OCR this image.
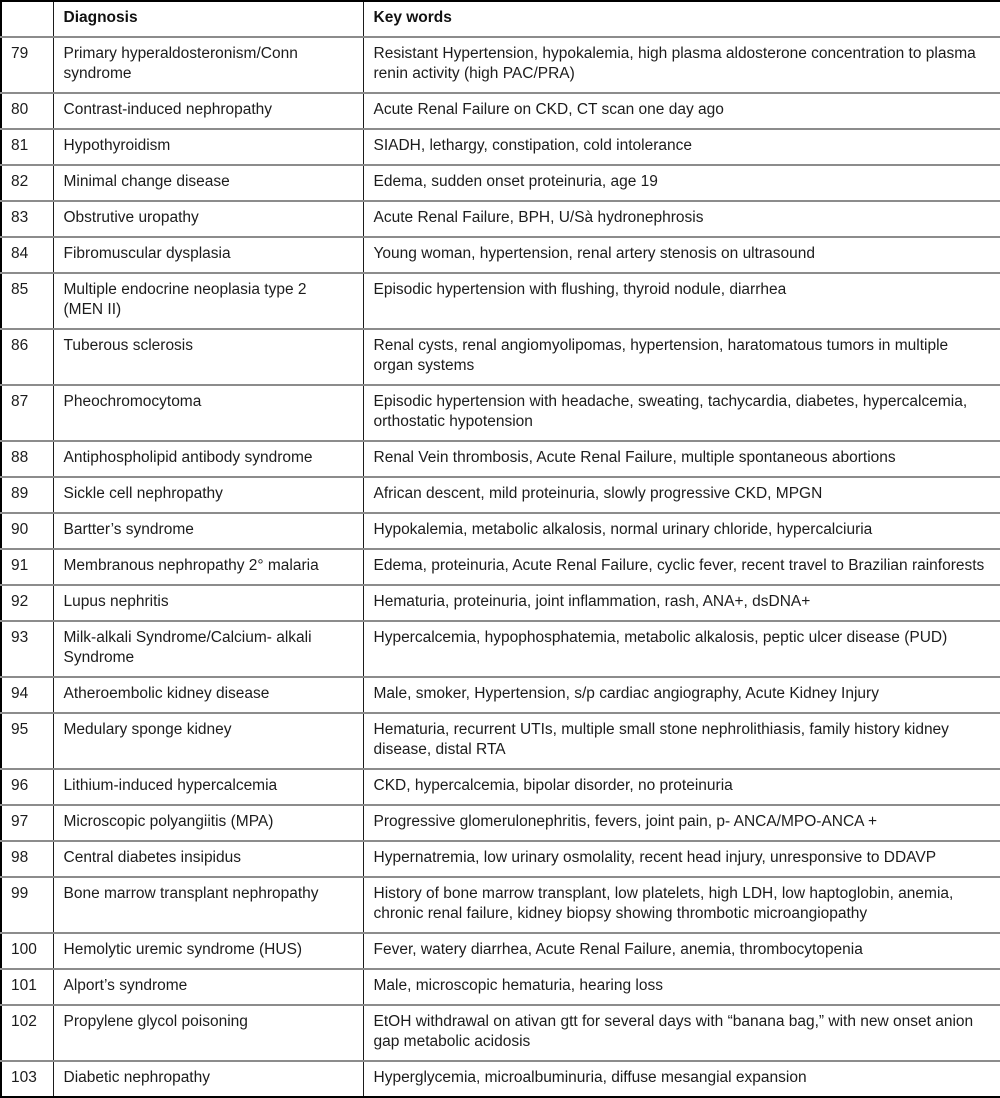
	Diagnosis	Key words
79	Primary hyperaldosteronism/Conn syndrome	Resistant Hypertension, hypokalemia, high plasma aldosterone concentration to plasma renin activity (high PAC/PRA)
80	Contrast-induced nephropathy	Acute Renal Failure on CKD, CT scan one day ago
81	Hypothyroidism	SIADH, lethargy, constipation, cold intolerance
82	Minimal change disease	Edema, sudden onset proteinuria, age 19
83	Obstrutive uropathy	Acute Renal Failure, BPH, U/Sà hydronephrosis
84	Fibromuscular dysplasia	Young woman, hypertension, renal artery stenosis on ultrasound
85	Multiple endocrine neoplasia type 2 (MEN II)	Episodic hypertension with flushing, thyroid nodule, diarrhea
86	Tuberous sclerosis	Renal cysts, renal angiomyolipomas, hypertension, haratomatous tumors in multiple organ systems
87	Pheochromocytoma	Episodic hypertension with headache, sweating, tachycardia, diabetes, hypercalcemia, orthostatic hypotension
88	Antiphospholipid antibody syndrome	Renal Vein thrombosis, Acute Renal Failure, multiple spontaneous abortions
89	Sickle cell nephropathy	African descent, mild proteinuria, slowly progressive CKD, MPGN
90	Bartter’s syndrome	Hypokalemia, metabolic alkalosis, normal urinary chloride, hypercalciuria
91	Membranous nephropathy 2° malaria	Edema, proteinuria, Acute Renal Failure, cyclic fever, recent travel to Brazilian rainforests
92	Lupus nephritis	Hematuria, proteinuria, joint inflammation, rash, ANA+, dsDNA+
93	Milk-alkali Syndrome/Calcium- alkali Syndrome	Hypercalcemia, hypophosphatemia, metabolic alkalosis, peptic ulcer disease (PUD)
94	Atheroembolic kidney disease	Male, smoker, Hypertension, s/p cardiac angiography, Acute Kidney Injury
95	Medulary sponge kidney	Hematuria, recurrent UTIs, multiple small stone nephrolithiasis, family history kidney disease, distal RTA
96	Lithium-induced hypercalcemia	CKD, hypercalcemia, bipolar disorder, no proteinuria
97	Microscopic polyangiitis (MPA)	Progressive glomerulonephritis, fevers, joint pain, p- ANCA/MPO-ANCA +
98	Central diabetes insipidus	Hypernatremia, low urinary osmolality, recent head injury, unresponsive to DDAVP
99	Bone marrow transplant nephropathy	History of bone marrow transplant, low platelets, high LDH, low haptoglobin, anemia, chronic renal failure, kidney biopsy showing thrombotic microangiopathy
100	Hemolytic uremic syndrome (HUS)	Fever, watery diarrhea, Acute Renal Failure, anemia, thrombocytopenia
101	Alport’s syndrome	Male, microscopic hematuria, hearing loss
102	Propylene glycol poisoning	EtOH withdrawal on ativan gtt for several days with “banana bag,” with new onset anion gap metabolic acidosis
103	Diabetic nephropathy	Hyperglycemia, microalbuminuria, diffuse mesangial expansion
